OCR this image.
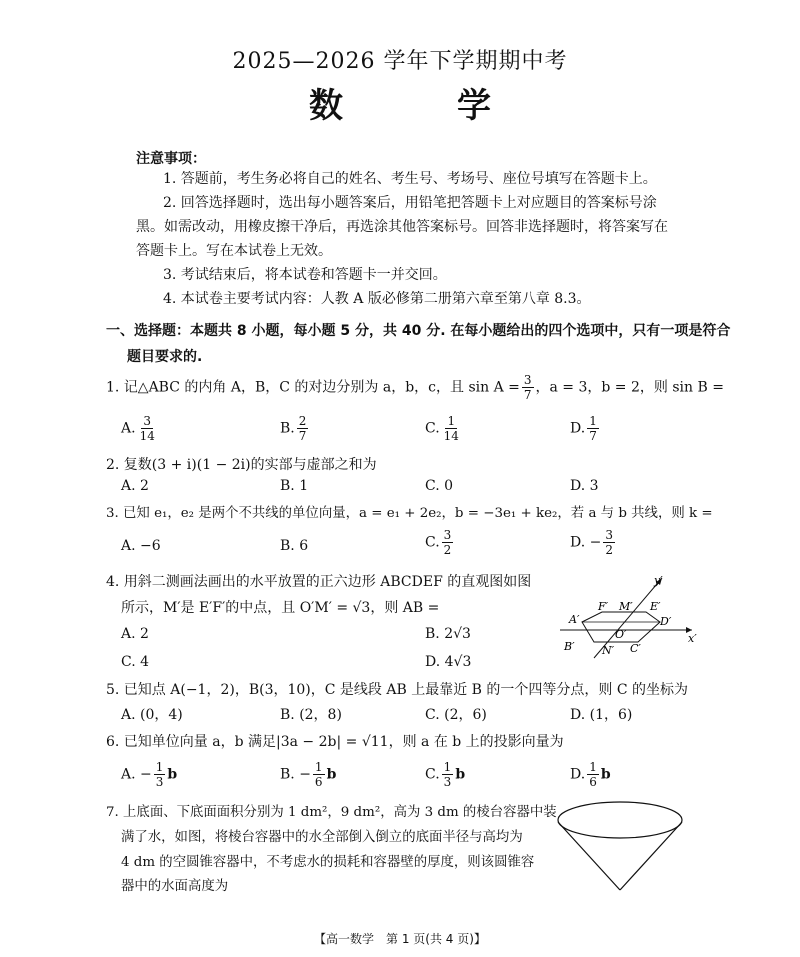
2025—2026 学年下学期期中考
数　学
注意事项：
1. 答题前，考生务必将自己的姓名、考生号、考场号、座位号填写在答题卡上。
2. 回答选择题时，选出每小题答案后，用铅笔把答题卡上对应题目的答案标号涂
黑。如需改动，用橡皮擦干净后，再选涂其他答案标号。回答非选择题时，将答案写在
答题卡上。写在本试卷上无效。
3. 考试结束后，将本试卷和答题卡一并交回。
4. 本试卷主要考试内容：人教 A 版必修第二册第六章至第八章 8.3。
一、选择题：本题共 8 小题，每小题 5 分，共 40 分. 在每小题给出的四个选项中，只有一项是符合
题目要求的.
1. 记△ABC 的内角 A，B，C 的对边分别为 a，b，c，且 $\sin A = \frac{3}{7}$ ，a = 3，b = 2，则 sin B =
A. $\frac{3}{14}$	B. $\frac{2}{7}$	C. $\frac{1}{14}$	D. $\frac{1}{7}$
2. 复数(3 + i)(1 − 2i)的实部与虚部之和为
A. 2	B. 1	C. 0	D. 3
3. 已知 e₁，e₂ 是两个不共线的单位向量，a = e₁ + 2e₂，b = −3e₁ + ke₂，若 a 与 b 共线，则 k =
A. −6	B. 6	C. $\frac{3}{2}$	D. − $\frac{3}{2}$
4. 用斜二测画法画出的水平放置的正六边形 ABCDEF 的直观图如图
所示，M′是 E′F′的中点，且 O′M′ = √3，则 AB =
A. 2	B. 2√3
C. 4	D. 4√3
y′
x′
A′
B′	C′
D′
E′
F′ M′
N′
O′
5. 已知点 A(−1，2)，B(3，10)，C 是线段 AB 上最靠近 B 的一个四等分点，则 C 的坐标为
A. (0，4)	B. (2，8)	C. (2，6)	D. (1，6)
6. 已知单位向量 a，b 满足|3a − 2b| = √11，则 a 在 b 上的投影向量为
A. − $\frac{1}{3}$ b	B. − $\frac{1}{6}$ b	C. $\frac{1}{3}$ b	D. $\frac{1}{6}$ b
7. 上底面、下底面面积分别为 1 dm²，9 dm²，高为 3 dm 的棱台容器中装
满了水，如图，将棱台容器中的水全部倒入倒立的底面半径与高均为
4 dm 的空圆锥容器中，不考虑水的损耗和容器壁的厚度，则该圆锥容
器中的水面高度为
【高一数学　第 1 页(共 4 页)】
